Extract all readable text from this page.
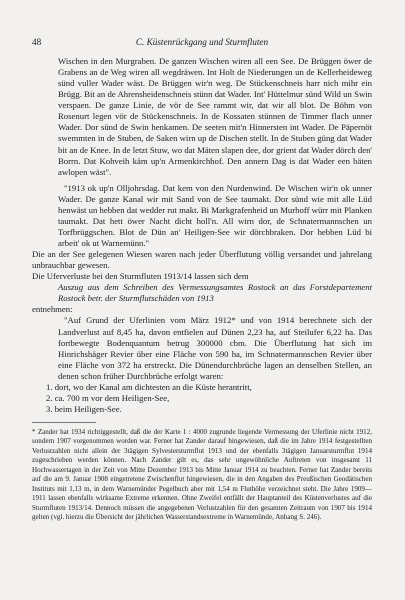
48	C. Küstenrückgang und Sturmfluten

Wischen in den Murgraben. De ganzen Wischen wiren all een See. De Brüggen öwer de Grabens an de Weg wiren all wegdräwen. Int Holt de Niederungen un de Kellerheideweg sünd vuller Wader wäst. De Brüggen wir'n weg. De Stückenschneis harr nich mihr ein Brügg. Bit an de Ahrensheidenschneis stünn dat Wader. Int' Hüttelmur sünd Wild un Swin verspaen. De ganze Linie, de vör de See rammt wir, dat wir all blot. De Böhm von Rosenurt legen vör de Stückenschneis. In de Kossaten stünnen de Timmer flach unner Wader. Dor sünd de Swin henkamen. De seeten mit'n Hinnersten int Wader. De Päpernöt swemmten in de Stuben, de Saken wirn up de Dischen stellt. In de Stuben güng dat Wader bit an de Knee. In de letzt Stuw, wo dat Mäten slapen dee, dor grient dat Wader dörch den' Borrn. Dat Kohveih käm up'n Armenkirchhof. Den annern Dag is dat Wader een bäten awlopen wäst".

"1913 ok up'n Olljohrsdag. Dat kem von den Nurdenwind. De Wischen wir'n ok unner Wader. De ganze Kanal wir mit Sand von de See taumakt. Dor sünd wie mit alle Lüd henwäst un hebben dat wedder rut makt. Bi Markgrafenheid un Murhoff würr mit Planken taumakt. Dat hett öwer Nacht dicht holl'n. All wirn dor, de Schnatermannschen un Torfbrüggschen. Blot de Dün an' Heiligen-See wir dörchbraken. Dor hebben Lüd bi arbeit' ok ut Warnemünn."

Die an der See gelegenen Wiesen waren nach jeder Überflutung völlig versandet und jahrelang unbrauchbar gewesen.

Die Uferverluste bei den Sturmfluten 1913/14 lassen sich dem

Auszug aus dem Schreiben des Vermessungsamtes Rostock an das Forstdepartement Rostock betr. der Sturmflutschäden von 1913

entnehmen:

"Auf Grund der Uferlinien vom März 1912* und von 1914 berechnete sich der Landverlust auf 8,45 ha, davon entfielen auf Dünen 2,23 ha, auf Steilufer 6,22 ha. Das fortbewegte Bodenquantum betrug 300000 cbm. Die Überflutung hat sich im Hinrichshäger Revier über eine Fläche von 590 ha, im Schnatermannschen Revier über eine Fläche von 372 ha erstreckt. Die Dünendurchbrüche lagen an denselben Stellen, an denen schon früher Durchbrüche erfolgt waren:

1. dort, wo der Kanal am dichtesten an die Küste herantritt,
2. ca. 700 m vor dem Heiligen-See,
3. beim Heiligen-See.

* Zander hat 1934 richtiggestellt, daß die der Karte 1 : 4000 zugrunde liegende Vermessung der Uferlinie nicht 1912, sondern 1907 vorgenommen worden war. Ferner hat Zander darauf hingewiesen, daß die im Jahre 1914 festgestellten Verlustzahlen nicht allein der 3tägigen Sylvestersturmflut 1913 und der ebenfalls 3tägigen Januarsturmflut 1914 zugeschrieben werden können. Nach Zander gilt es, das sehr ungewöhnliche Auftreten von insgesamt 11 Hochwassertagen in der Zeit von Mitte Dezember 1913 bis Mitte Januar 1914 zu beachten. Ferner hat Zander bereits auf die am 9. Januar 1908 eingetretene Zwischenflut hingewiesen, die in den Angaben des Preußischen Geodätischen Instituts mit 1,13 m, in dem Warnemünder Pegelbuch aber mit 1,54 m Fluthöhe verzeichnet steht. Die Jahre 1909—1911 lassen ebenfalls wirksame Extreme erkennen. Ohne Zweifel entfällt der Hauptanteil des Küstenverlustes auf die Sturmfluten 1913/14. Dennoch müssen die angegebenen Verlustzahlen für den gesamten Zeitraum von 1907 bis 1914 gelten (vgl. hierzu die Übersicht der jährlichen Wasserstandsextreme in Warnemünde, Anhang S. 246).
